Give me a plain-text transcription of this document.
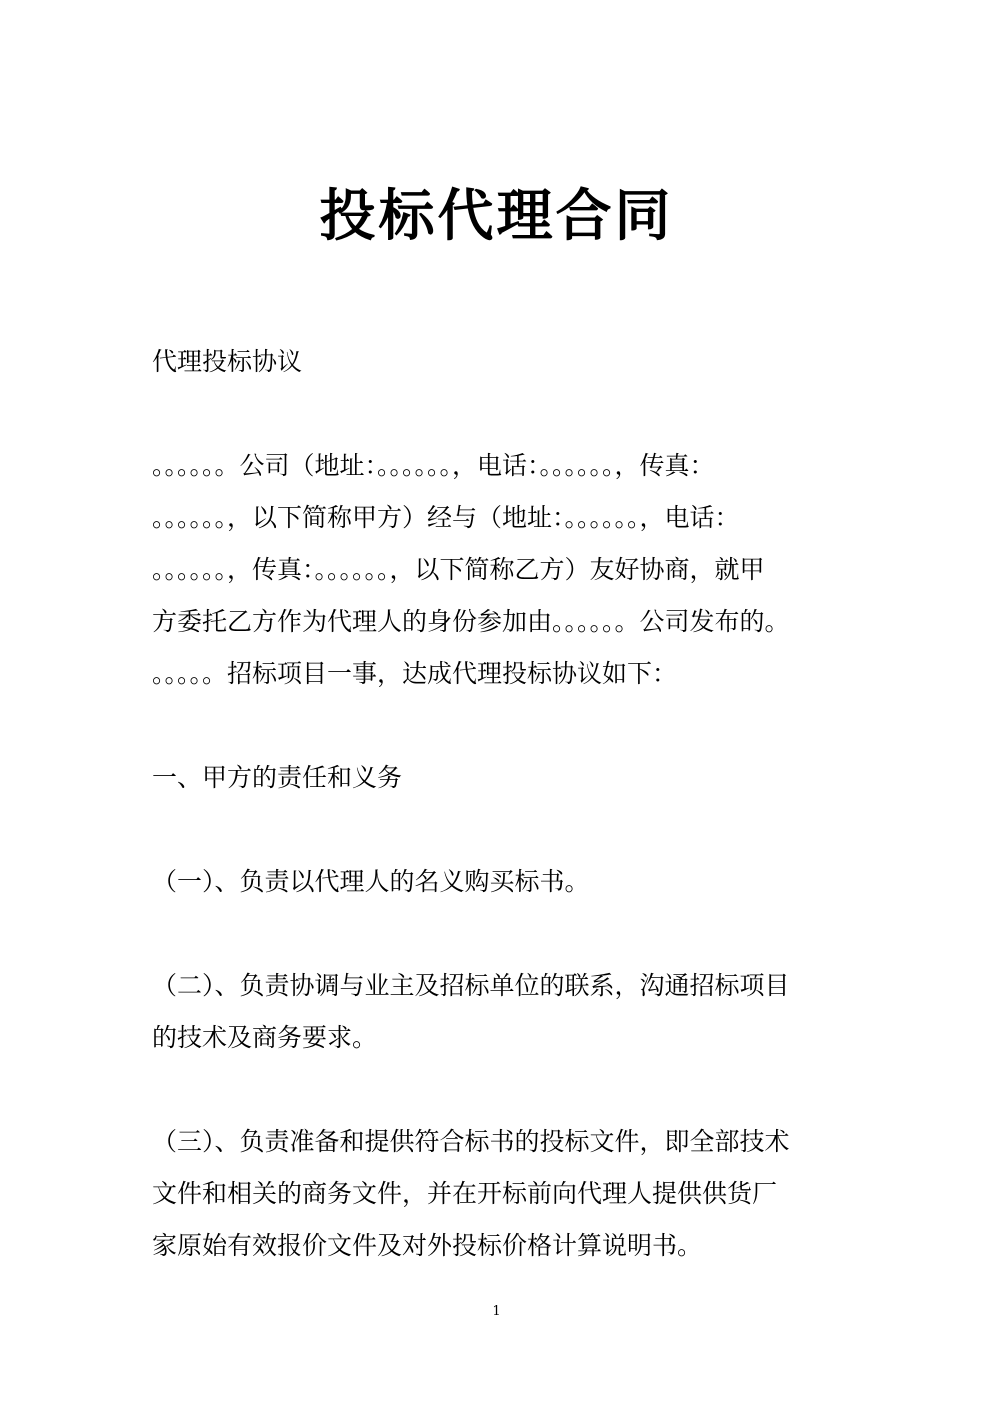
投标代理合同

代理投标协议

。。。。。。公司（地址：。。。。。。，电话：。。。。。。，传真：
。。。。。。，以下简称甲方）经与（地址：。。。。。。，电话：
。。。。。。，传真：。。。。。。，以下简称乙方）友好协商，就甲
方委托乙方作为代理人的身份参加由。。。。。。公司发布的。
。。。。。招标项目一事，达成代理投标协议如下：

一、甲方的责任和义务

（一）、负责以代理人的名义购买标书。

（二）、负责协调与业主及招标单位的联系，沟通招标项目
的技术及商务要求。

（三）、负责准备和提供符合标书的投标文件，即全部技术
文件和相关的商务文件，并在开标前向代理人提供供货厂
家原始有效报价文件及对外投标价格计算说明书。

1
